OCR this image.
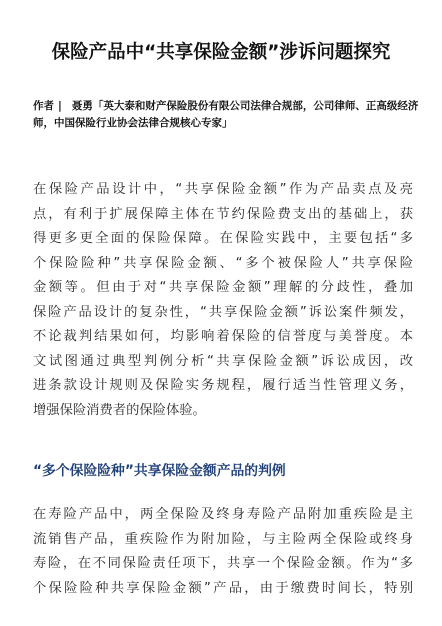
保险产品中“共享保险金额”涉诉问题探究
作者 | 聂勇「英大泰和财产保险股份有限公司法律合规部，公司律师、正高级经济
师，中国保险行业协会法律合规核心专家」
在保险产品设计中，“共享保险金额”作为产品卖点及亮
点，有利于扩展保障主体在节约保险费支出的基础上，获
得更多更全面的保险保障。在保险实践中，主要包括“多
个保险险种”共享保险金额、“多个被保险人”共享保险
金额等。但由于对“共享保险金额”理解的分歧性，叠加
保险产品设计的复杂性，“共享保险金额”诉讼案件频发，
不论裁判结果如何，均影响着保险的信誉度与美誉度。本
文试图通过典型判例分析“共享保险金额”诉讼成因，改
进条款设计规则及保险实务规程，履行适当性管理义务，
增强保险消费者的保险体验。
“多个保险险种”共享保险金额产品的判例
在寿险产品中，两全保险及终身寿险产品附加重疾险是主
流销售产品，重疾险作为附加险，与主险两全保险或终身
寿险，在不同保险责任项下，共享一个保险金额。作为“多
个保险险种共享保险金额”产品，由于缴费时间长，特别
